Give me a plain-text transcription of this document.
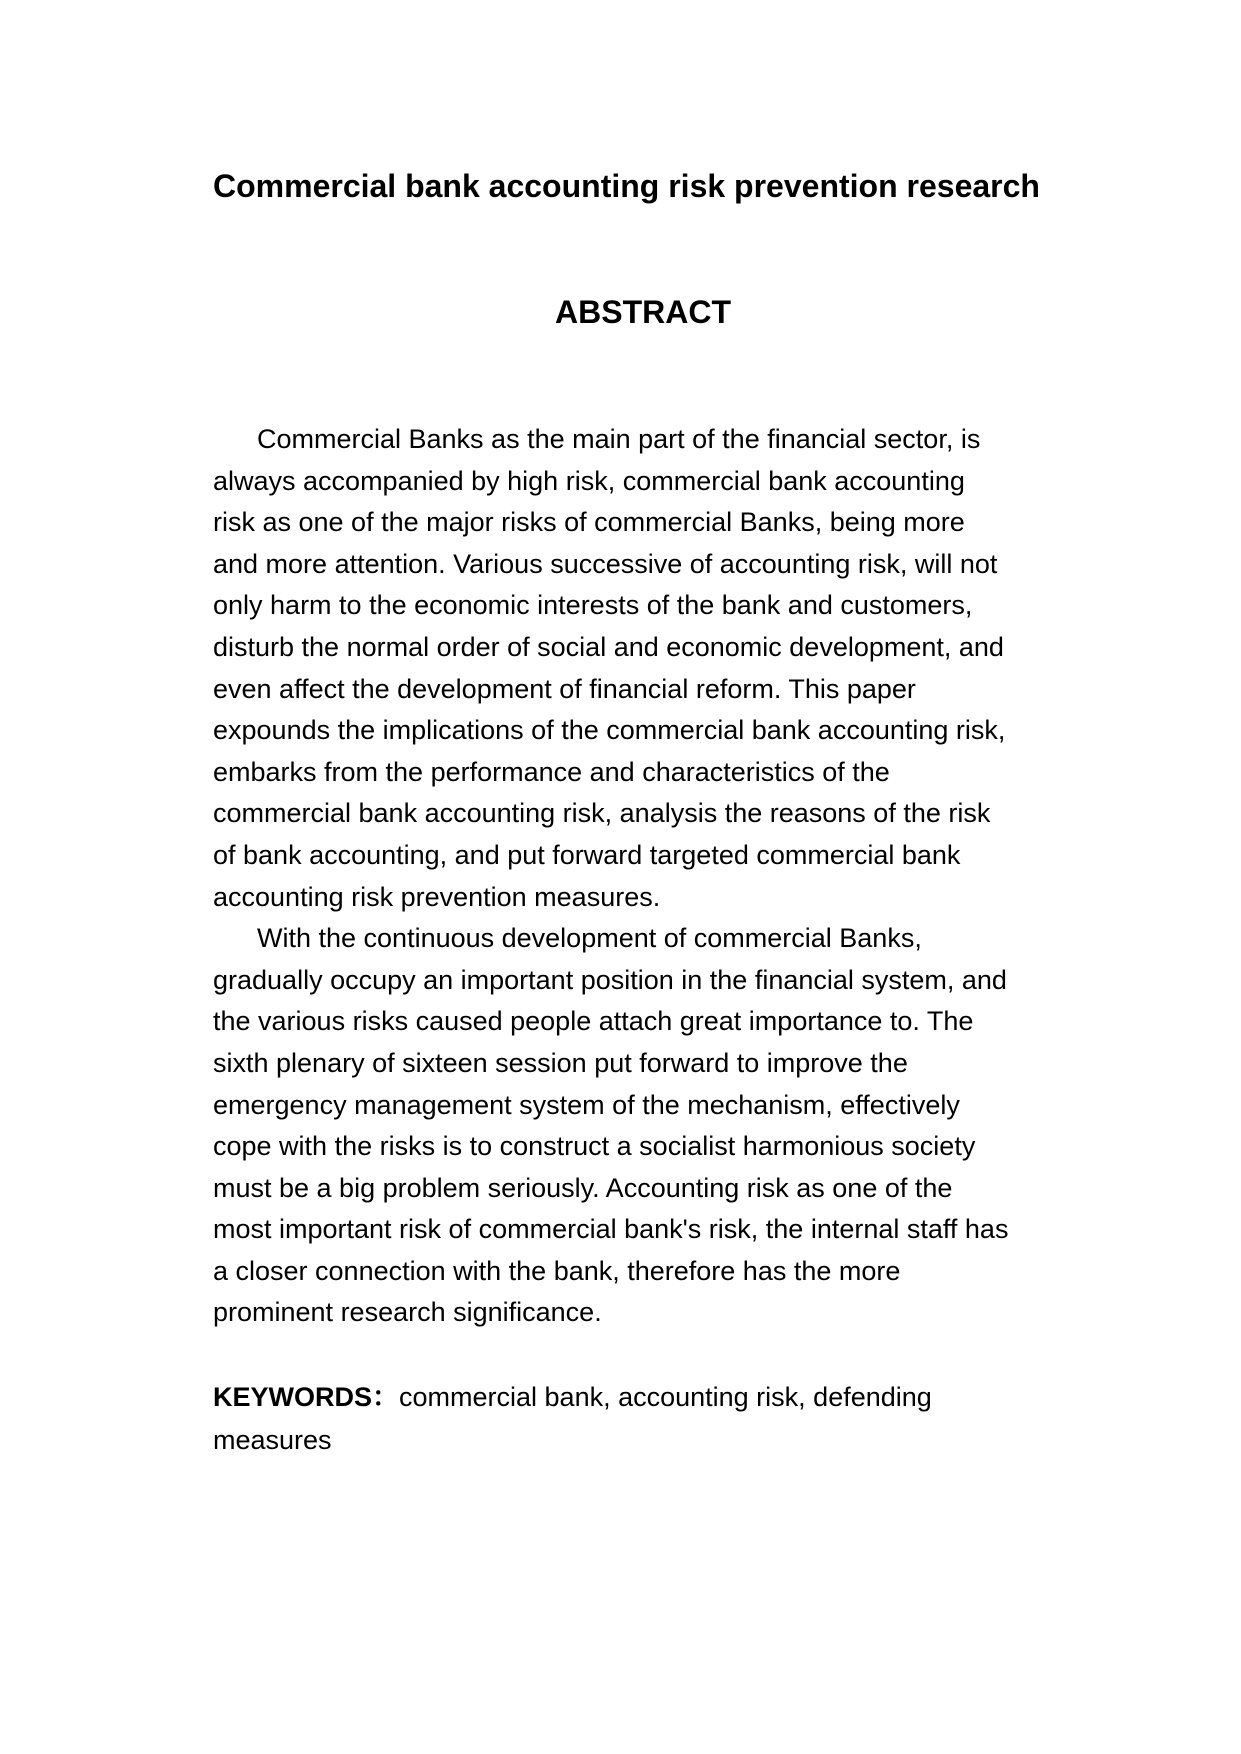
Commercial bank accounting risk prevention research
ABSTRACT

Commercial Banks as the main part of the financial sector, is
always accompanied by high risk, commercial bank accounting
risk as one of the major risks of commercial Banks, being more
and more attention. Various successive of accounting risk, will not
only harm to the economic interests of the bank and customers,
disturb the normal order of social and economic development, and
even affect the development of financial reform. This paper
expounds the implications of the commercial bank accounting risk,
embarks from the performance and characteristics of the
commercial bank accounting risk, analysis the reasons of the risk
of bank accounting, and put forward targeted commercial bank
accounting risk prevention measures.

With the continuous development of commercial Banks,
gradually occupy an important position in the financial system, and
the various risks caused people attach great importance to. The
sixth plenary of sixteen session put forward to improve the
emergency management system of the mechanism, effectively
cope with the risks is to construct a socialist harmonious society
must be a big problem seriously. Accounting risk as one of the
most important risk of commercial bank's risk, the internal staff has
a closer connection with the bank, therefore has the more
prominent research significance.

KEYWORDS：commercial bank, accounting risk, defending
measures
